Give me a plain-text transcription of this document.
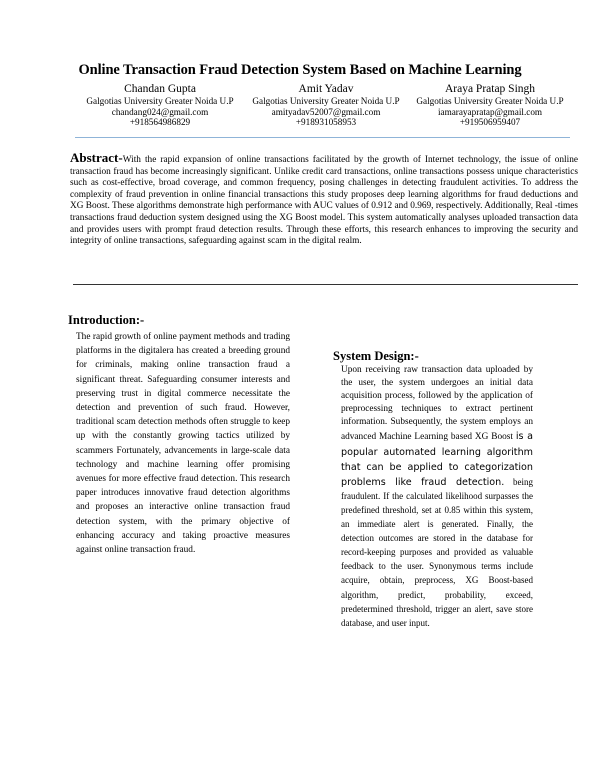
Online Transaction Fraud Detection System Based on Machine Learning
Chandan Gupta
Galgotias University Greater Noida U.P
chandang024@gmail.com
+918564986829
Amit Yadav
Galgotias University Greater Noida U.P
amityadav52007@gmail.com
+918931058953
Araya Pratap Singh
Galgotias University Greater Noida U.P
iamarayapratap@gmail.com
+919506959407
Abstract-With the rapid expansion of online transactions facilitated by the growth of Internet technology, the issue of online transaction fraud has become increasingly significant. Unlike credit card transactions, online transactions possess unique characteristics such as cost-effective, broad coverage, and common frequency, posing challenges in detecting fraudulent activities. To address the complexity of fraud prevention in online financial transactions this study proposes deep learning algorithms for fraud deductions and XG Boost. These algorithms demonstrate high performance with AUC values of 0.912 and 0.969, respectively. Additionally, Real -times transactions fraud deduction system designed using the XG Boost model. This system automatically analyses uploaded transaction data and provides users with prompt fraud detection results. Through these efforts, this research enhances to improving the security and integrity of online transactions, safeguarding against scam in the digital realm.
Introduction:-
The rapid growth of online payment methods and trading platforms in the digitalera has created a breeding ground for criminals, making online transaction fraud a significant threat. Safeguarding consumer interests and preserving trust in digital commerce necessitate the detection and prevention of such fraud. However, traditional scam detection methods often struggle to keep up with the constantly growing tactics utilized by scammers Fortunately, advancements in large-scale data technology and machine learning offer promising avenues for more effective fraud detection. This research paper introduces innovative fraud detection algorithms and proposes an interactive online transaction fraud detection system, with the primary objective of enhancing accuracy and taking proactive measures against online transaction fraud.
System Design:-
Upon receiving raw transaction data uploaded by the user, the system undergoes an initial data acquisition process, followed by the application of preprocessing techniques to extract pertinent information. Subsequently, the system employs an advanced Machine Learning based XG Boost is a popular automated learning algorithm that can be applied to categorization problems like fraud detection. being fraudulent. If the calculated likelihood surpasses the predefined threshold, set at 0.85 within this system, an immediate alert is generated. Finally, the detection outcomes are stored in the database for record-keeping purposes and provided as valuable feedback to the user. Synonymous terms include acquire, obtain, preprocess, XG Boost-based algorithm, predict, probability, exceed, predetermined threshold, trigger an alert, save store database, and user input.
